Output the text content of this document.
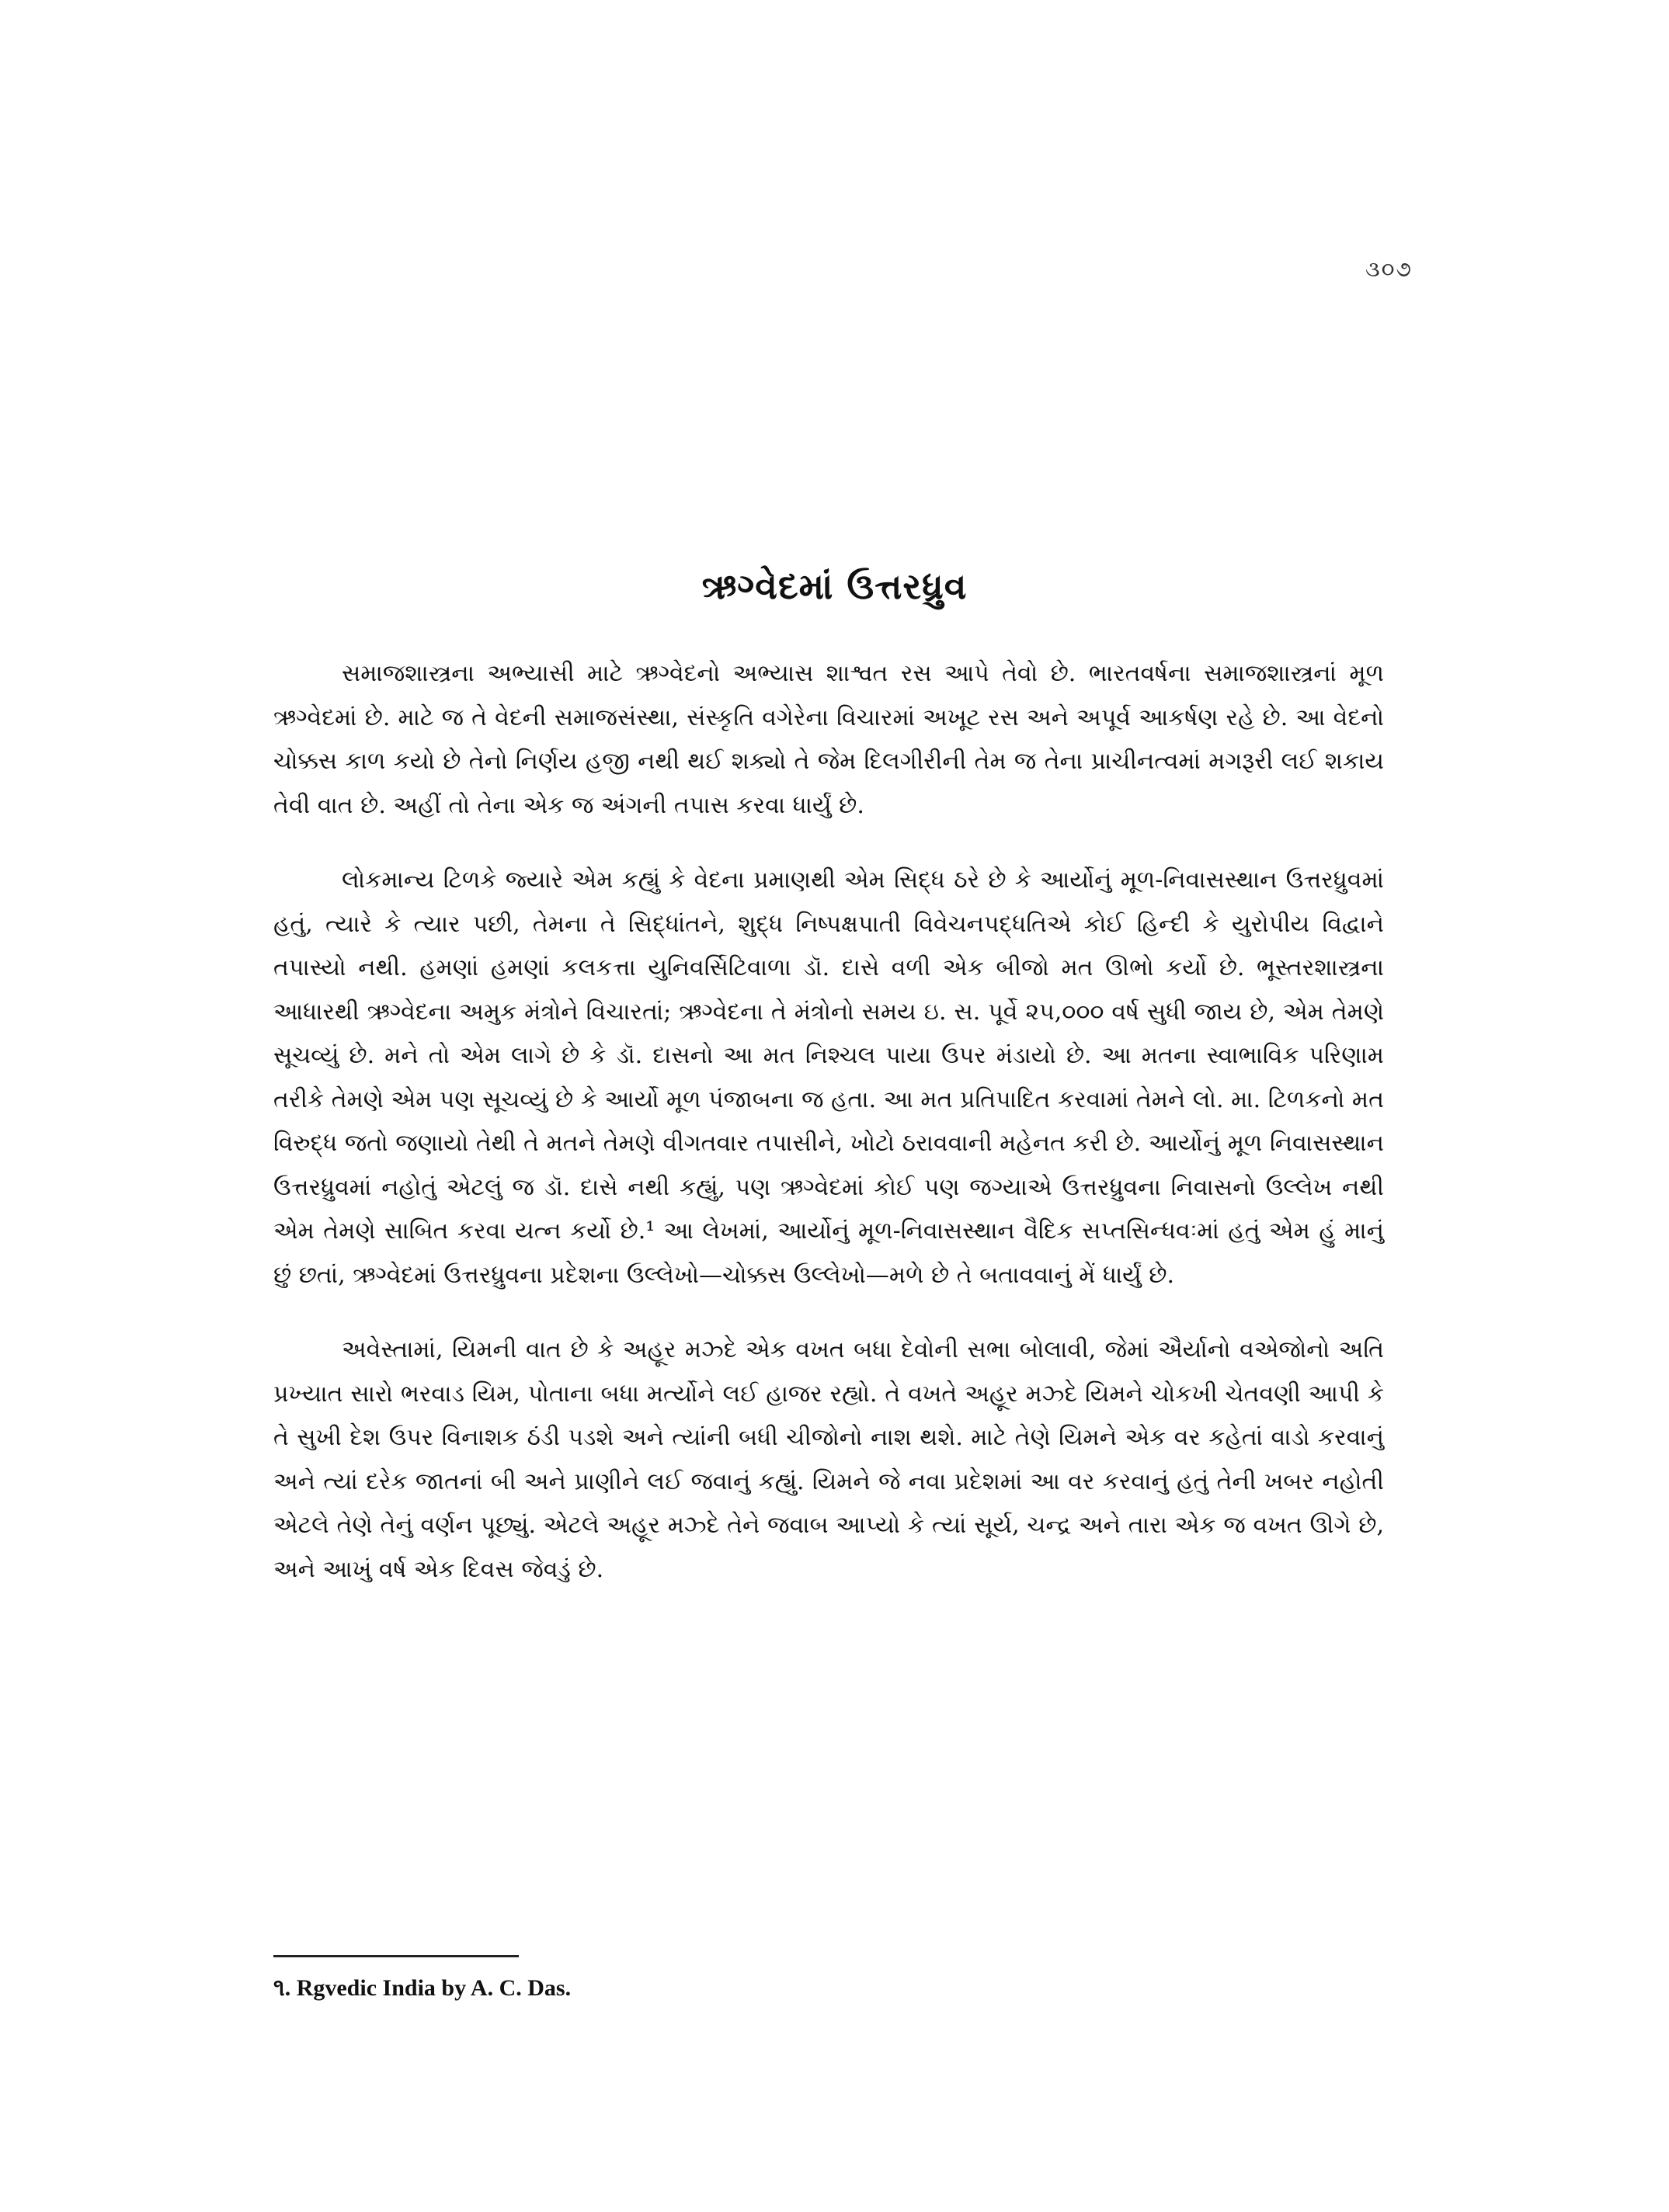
૩૦૭
ઋગ્વેદમાં ઉત્તરધ્રુવ

સમાજશાસ્ત્રના અભ્યાસી માટે ઋગ્વેદનો અભ્યાસ શાશ્વત રસ આપે તેવો છે. ભારતવર્ષના સમાજશાસ્ત્રનાં મૂળ ઋગ્વેદમાં છે. માટે જ તે વેદની સમાજસંસ્થા, સંસ્કૃતિ વગેરેના વિચારમાં અખૂટ રસ અને અપૂર્વ આકર્ષણ રહે છે. આ વેદનો ચોક્કસ કાળ કયો છે તેનો નિર્ણય હજી નથી થઈ શક્યો તે જેમ દિલગીરીની તેમ જ તેના પ્રાચીનત્વમાં મગરૂરી લઈ શકાય તેવી વાત છે. અહીં તો તેના એક જ અંગની તપાસ કરવા ધાર્યું છે.

લોકમાન્ય ટિળકે જ્યારે એમ કહ્યું કે વેદના પ્રમાણથી એમ સિદ્ધ ઠરે છે કે આર્યોનું મૂળ-નિવાસસ્થાન ઉત્તરધ્રુવમાં હતું, ત્યારે કે ત્યાર પછી, તેમના તે સિદ્ધાંતને, શુદ્ધ નિષ્પક્ષપાતી વિવેચનપદ્ધતિએ કોઈ હિન્દી કે યુરોપીય વિદ્વાને તપાસ્યો નથી. હમણાં હમણાં કલકત્તા યુનિવર્સિટિવાળા ડૉ. દાસે વળી એક બીજો મત ઊભો કર્યો છે. ભૂસ્તરશાસ્ત્રના આધારથી ઋગ્વેદના અમુક મંત્રોને વિચારતાં; ઋગ્વેદના તે મંત્રોનો સમય ઇ. સ. પૂર્વે ૨૫,૦૦૦ વર્ષ સુધી જાય છે, એમ તેમણે સૂચવ્યું છે. મને તો એમ લાગે છે કે ડૉ. દાસનો આ મત નિશ્ચલ પાયા ઉપર મંડાયો છે. આ મતના સ્વાભાવિક પરિણામ તરીકે તેમણે એમ પણ સૂચવ્યું છે કે આર્યો મૂળ પંજાબના જ હતા. આ મત પ્રતિપાદિત કરવામાં તેમને લો. મા. ટિળકનો મત વિરુદ્ધ જતો જણાયો તેથી તે મતને તેમણે વીગતવાર તપાસીને, ખોટો ઠરાવવાની મહેનત કરી છે. આર્યોનું મૂળ નિવાસસ્થાન ઉત્તરધ્રુવમાં નહોતું એટલું જ ડૉ. દાસે નથી કહ્યું, પણ ઋગ્વેદમાં કોઈ પણ જગ્યાએ ઉત્તરધ્રુવના નિવાસનો ઉલ્લેખ નથી એમ તેમણે સાબિત કરવા યત્ન કર્યો છે.¹ આ લેખમાં, આર્યોનું મૂળ-નિવાસસ્થાન વૈદિક સપ્તસિન્ધવઃમાં હતું એમ હું માનું છું છતાં, ઋગ્વેદમાં ઉત્તરધ્રુવના પ્રદેશના ઉલ્લેખો—ચોક્કસ ઉલ્લેખો—મળે છે તે બતાવવાનું મેં ધાર્યું છે.

અવેસ્તામાં, યિમની વાત છે કે અહૂર મઝ્દે એક વખત બધા દેવોની સભા બોલાવી, જેમાં ઐર્યાનો વએજોનો અતિ પ્રખ્યાત સારો ભરવાડ યિમ, પોતાના બધા મર્ત્યોને લઈ હાજર રહ્યો. તે વખતે અહૂર મઝ્દે યિમને ચોકખી ચેતવણી આપી કે તે સુખી દેશ ઉપર વિનાશક ઠંડી પડશે અને ત્યાંની બધી ચીજોનો નાશ થશે. માટે તેણે યિમને એક વર કહેતાં વાડો કરવાનું અને ત્યાં દરેક જાતનાં બી અને પ્રાણીને લઈ જવાનું કહ્યું. યિમને જે નવા પ્રદેશમાં આ વર કરવાનું હતું તેની ખબર નહોતી એટલે તેણે તેનું વર્ણન પૂછ્યું. એટલે અહૂર મઝ્દે તેને જવાબ આપ્યો કે ત્યાં સૂર્ય, ચન્દ્ર અને તારા એક જ વખત ઊગે છે, અને આખું વર્ષ એક દિવસ જેવડું છે.

૧. Rgvedic India by A. C. Das.
